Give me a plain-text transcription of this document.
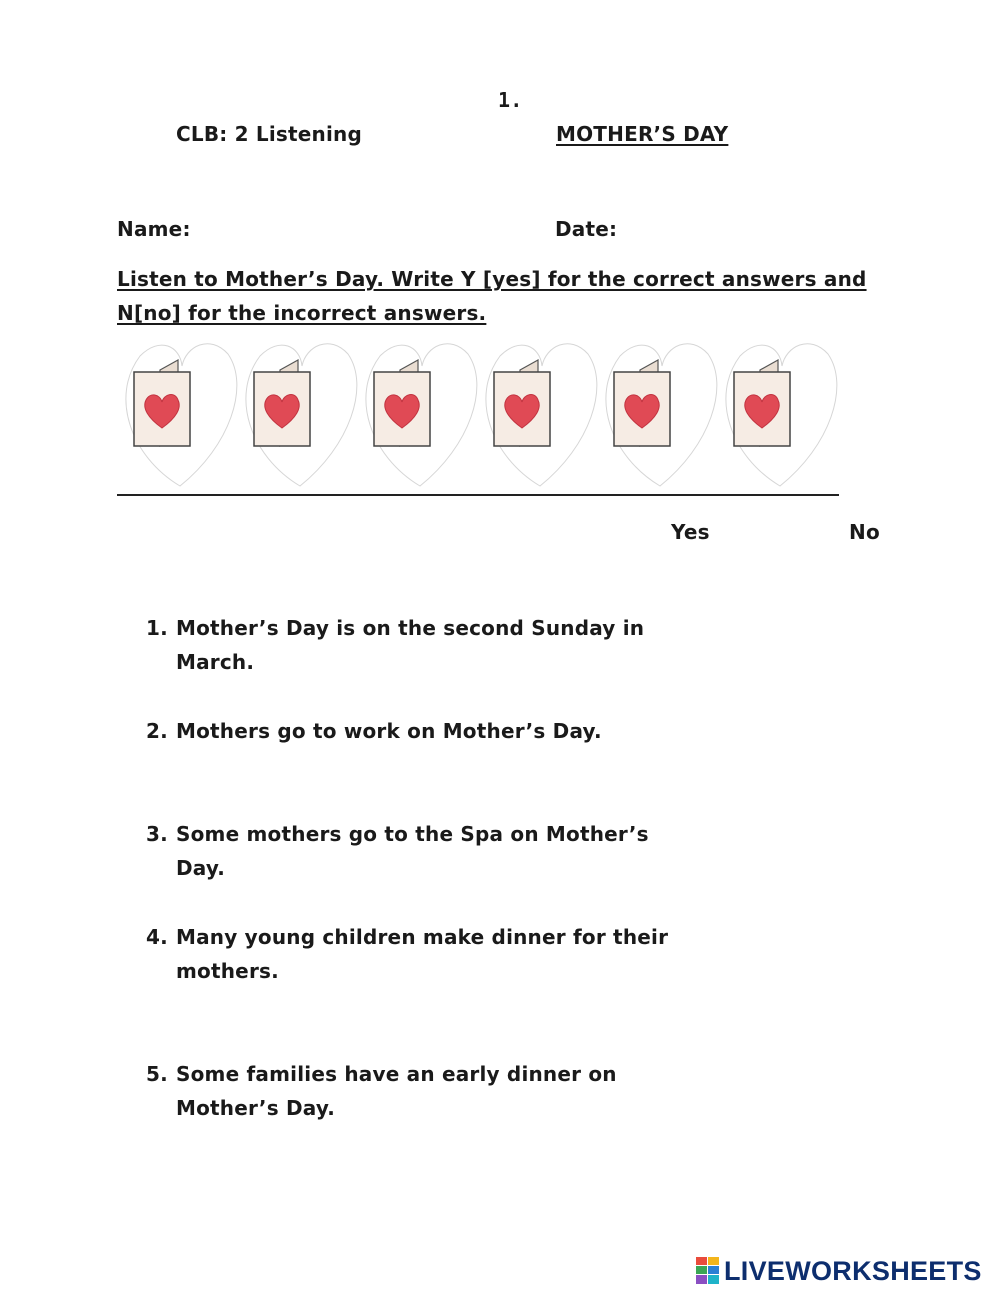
1.
CLB: 2 Listening	MOTHER’S DAY
Name:	Date:
Listen to Mother’s Day. Write Y [yes] for the correct answers and N[no] for the incorrect answers.
Yes	No
1. Mother’s Day is on the second Sunday in March.
2. Mothers go to work on Mother’s Day.
3. Some mothers go to the Spa on Mother’s Day.
4. Many young children make dinner for their mothers.
5. Some families have an early dinner on Mother’s Day.
LIVEWORKSHEETS
